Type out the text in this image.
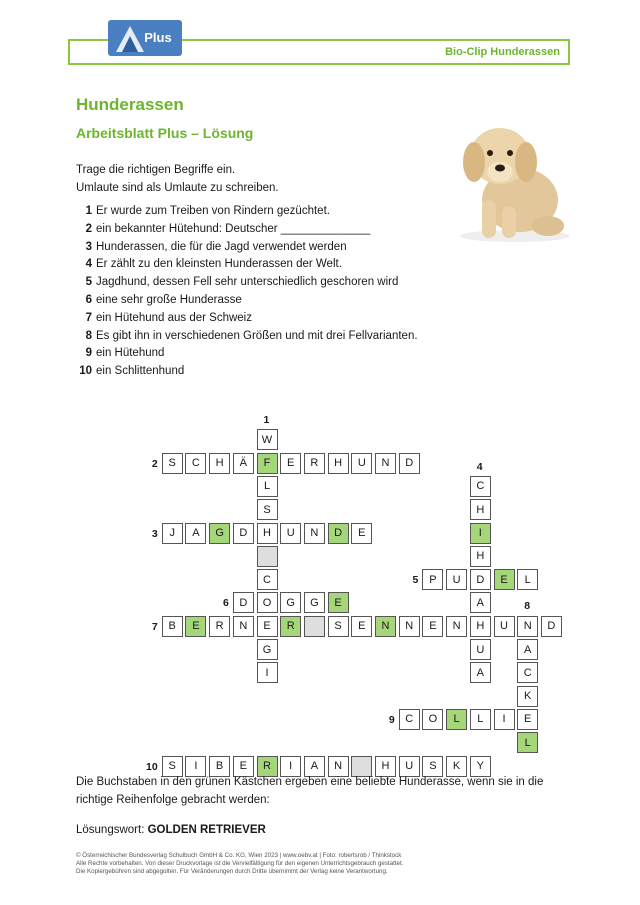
Bio-Clip Hunderassen
Plus
Hunderassen
Arbeitsblatt Plus – Lösung
Trage die richtigen Begriffe ein.
Umlaute sind als Umlaute zu schreiben.
1 Er wurde zum Treiben von Rindern gezüchtet.
2 ein bekannter Hütehund: Deutscher ______________
3 Hunderassen, die für die Jagd verwendet werden
4 Er zählt zu den kleinsten Hunderassen der Welt.
5 Jagdhund, dessen Fell sehr unterschiedlich geschoren wird
6 eine sehr große Hunderasse
7 ein Hütehund aus der Schweiz
8 Es gibt ihn in verschiedenen Größen und mit drei Fellvarianten.
9 ein Hütehund
10 ein Schlittenhund
2
3
5
6
7
9
10
1
4
8
S	C	H	Ä	F	E	R	H	U	N	D
J	A	G	D	H	U	N	D	E
P	U	D	E	L
D	O	G	G	E
B	E	R	N	E	R	S	E	N	N	E	N	H	U	N	D
C	O	L	L	I	E
S	I	B	E	R	I	A	N	H	U	S	K	Y
W
L
S
C
G
I
C
H
I
H
A
U
A
A
C
K
L
Die Buchstaben in den grünen Kästchen ergeben eine beliebte Hunderasse, wenn sie in die richtige Reihenfolge gebracht werden:
Lösungswort: GOLDEN RETRIEVER
© Österreichischer Bundesverlag Schulbuch GmbH & Co. KG, Wien 2023 | www.oebv.at | Foto: robertsrob / Thinkstock
Alle Rechte vorbehalten. Von dieser Druckvorlage ist die Vervielfältigung für den eigenen Unterrichtsgebrauch gestattet.
Die Kopiergebühren sind abgegolten. Für Veränderungen durch Dritte übernimmt der Verlag keine Verantwortung.
